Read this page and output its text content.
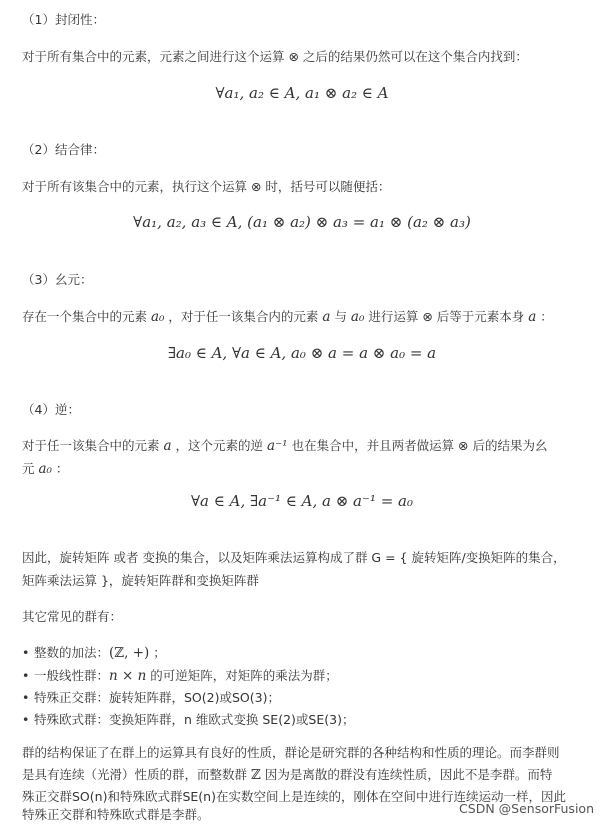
（1）封闭性：
对于所有集合中的元素，元素之间进行这个运算 ⊗ 之后的结果仍然可以在这个集合内找到：
∀a₁, a₂ ∈ A, a₁ ⊗ a₂ ∈ A
（2）结合律：
对于所有该集合中的元素，执行这个运算 ⊗ 时，括号可以随便括：
∀a₁, a₂, a₃ ∈ A, (a₁ ⊗ a₂) ⊗ a₃ = a₁ ⊗ (a₂ ⊗ a₃)
（3）幺元：
存在一个集合中的元素 a₀ ，对于任一该集合内的元素 a 与 a₀ 进行运算 ⊗ 后等于元素本身 a ：
∃a₀ ∈ A, ∀a ∈ A, a₀ ⊗ a = a ⊗ a₀ = a
（4）逆：
对于任一该集合中的元素 a ，这个元素的逆 a⁻¹ 也在集合中，并且两者做运算 ⊗ 后的结果为幺
元 a₀ ：
∀a ∈ A, ∃a⁻¹ ∈ A, a ⊗ a⁻¹ = a₀
因此，旋转矩阵 或者 变换的集合，以及矩阵乘法运算构成了群 G = { 旋转矩阵/变换矩阵的集合，
矩阵乘法运算 }，旋转矩阵群和变换矩阵群
其它常见的群有：
• 整数的加法：(ℤ, +) ；
• 一般线性群：n × n 的可逆矩阵，对矩阵的乘法为群；
• 特殊正交群：旋转矩阵群，SO(2)或SO(3)；
• 特殊欧式群：变换矩阵群，n 维欧式变换 SE(2)或SE(3)；
群的结构保证了在群上的运算具有良好的性质，群论是研究群的各种结构和性质的理论。而李群则
是具有连续（光滑）性质的群，而整数群 ℤ 因为是离散的群没有连续性质，因此不是李群。而特
殊正交群SO(n)和特殊欧式群SE(n)在实数空间上是连续的，刚体在空间中进行连续运动一样，因此
特殊正交群和特殊欧式群是李群。	CSDN @SensorFusion
